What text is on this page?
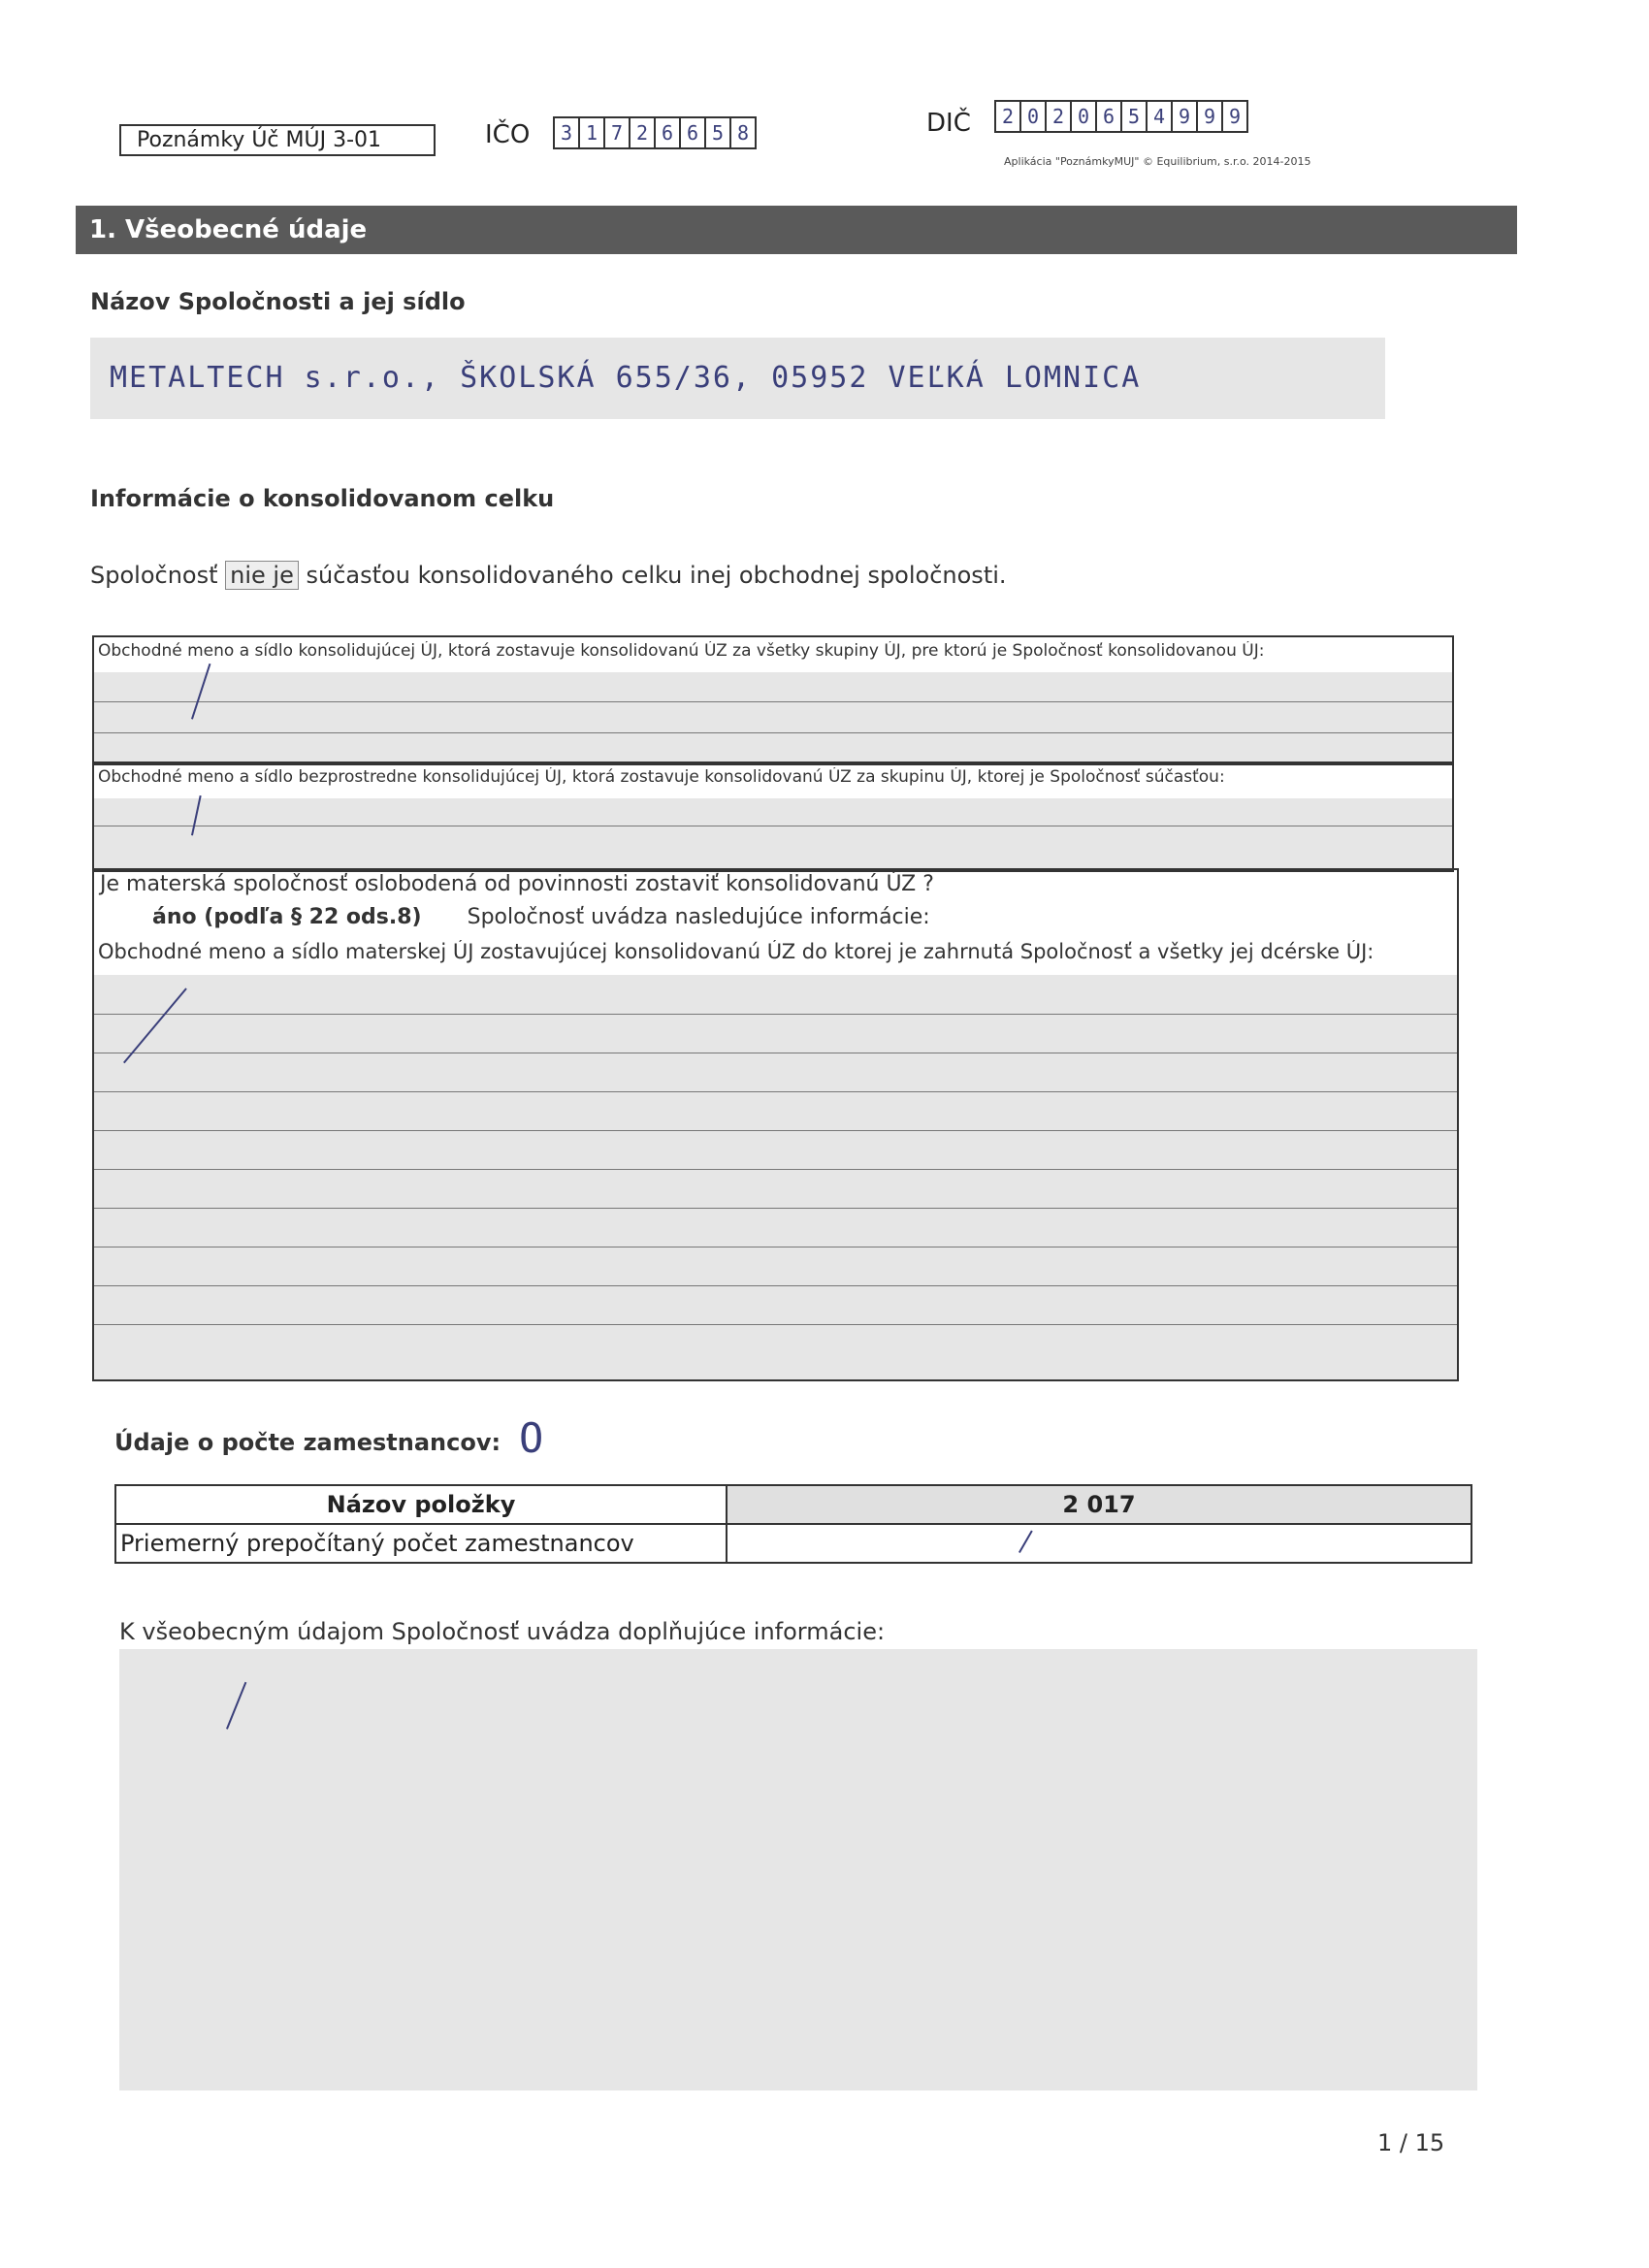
Poznámky Úč MÚJ 3-01	IČO 3 1 7 2 6 6 5 8	DIČ 2 0 2 0 6 5 4 9 9 9
Aplikácia "PoznámkyMUJ" © Equilibrium, s.r.o. 2014-2015
1. Všeobecné údaje
Názov Spoločnosti a jej sídlo
METALTECH s.r.o., ŠKOLSKÁ 655/36, 05952 VEĽKÁ LOMNICA
Informácie o konsolidovanom celku
Spoločnosť nie je súčasťou konsolidovaného celku inej obchodnej spoločnosti.
Obchodné meno a sídlo konsolidujúcej ÚJ, ktorá zostavuje konsolidovanú ÚZ za všetky skupiny ÚJ, pre ktorú je Spoločnosť konsolidovanou ÚJ:
Obchodné meno a sídlo bezprostredne konsolidujúcej ÚJ, ktorá zostavuje konsolidovanú ÚZ za skupinu ÚJ, ktorej je Spoločnosť súčasťou:
Je materská spoločnosť oslobodená od povinnosti zostaviť konsolidovanú ÚZ ?
áno (podľa § 22 ods.8) Spoločnosť uvádza nasledujúce informácie:
Obchodné meno a sídlo materskej ÚJ zostavujúcej konsolidovanú ÚZ do ktorej je zahrnutá Spoločnosť a všetky jej dcérske ÚJ:
Údaje o počte zamestnancov: O
Názov položky	2 017
Priemerný prepočítaný počet zamestnancov	
K všeobecným údajom Spoločnosť uvádza doplňujúce informácie:
1 / 15
